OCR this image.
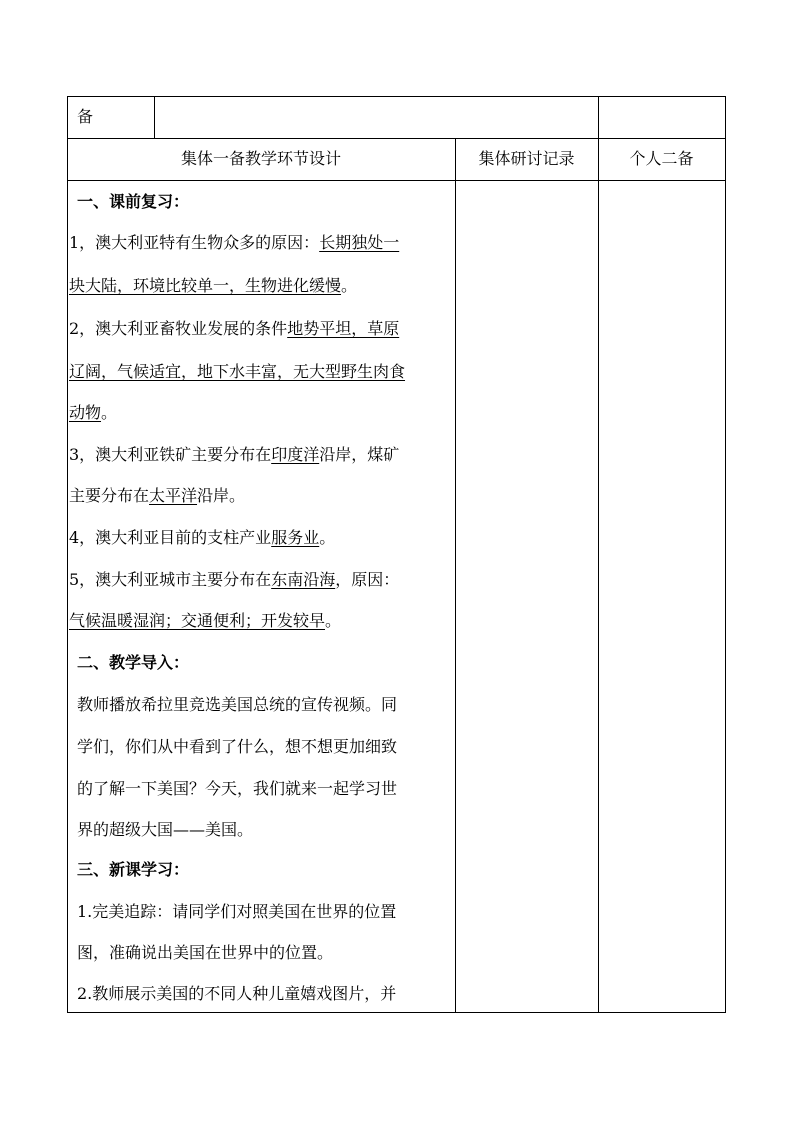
备
集体一备教学环节设计	集体研讨记录	个人二备
一、课前复习：
1，澳大利亚特有生物众多的原因：长期独处一
块大陆，环境比较单一，生物进化缓慢。
2，澳大利亚畜牧业发展的条件地势平坦，草原
辽阔，气候适宜，地下水丰富，无大型野生肉食
动物。
3，澳大利亚铁矿主要分布在印度洋沿岸，煤矿
主要分布在太平洋沿岸。
4，澳大利亚目前的支柱产业服务业。
5，澳大利亚城市主要分布在东南沿海，原因：
气候温暖湿润；交通便利；开发较早。
二、教学导入：
教师播放希拉里竞选美国总统的宣传视频。同
学们，你们从中看到了什么，想不想更加细致
的了解一下美国？今天，我们就来一起学习世
界的超级大国——美国。
三、新课学习：
1.完美追踪：请同学们对照美国在世界的位置
图，准确说出美国在世界中的位置。
2.教师展示美国的不同人种儿童嬉戏图片，并
